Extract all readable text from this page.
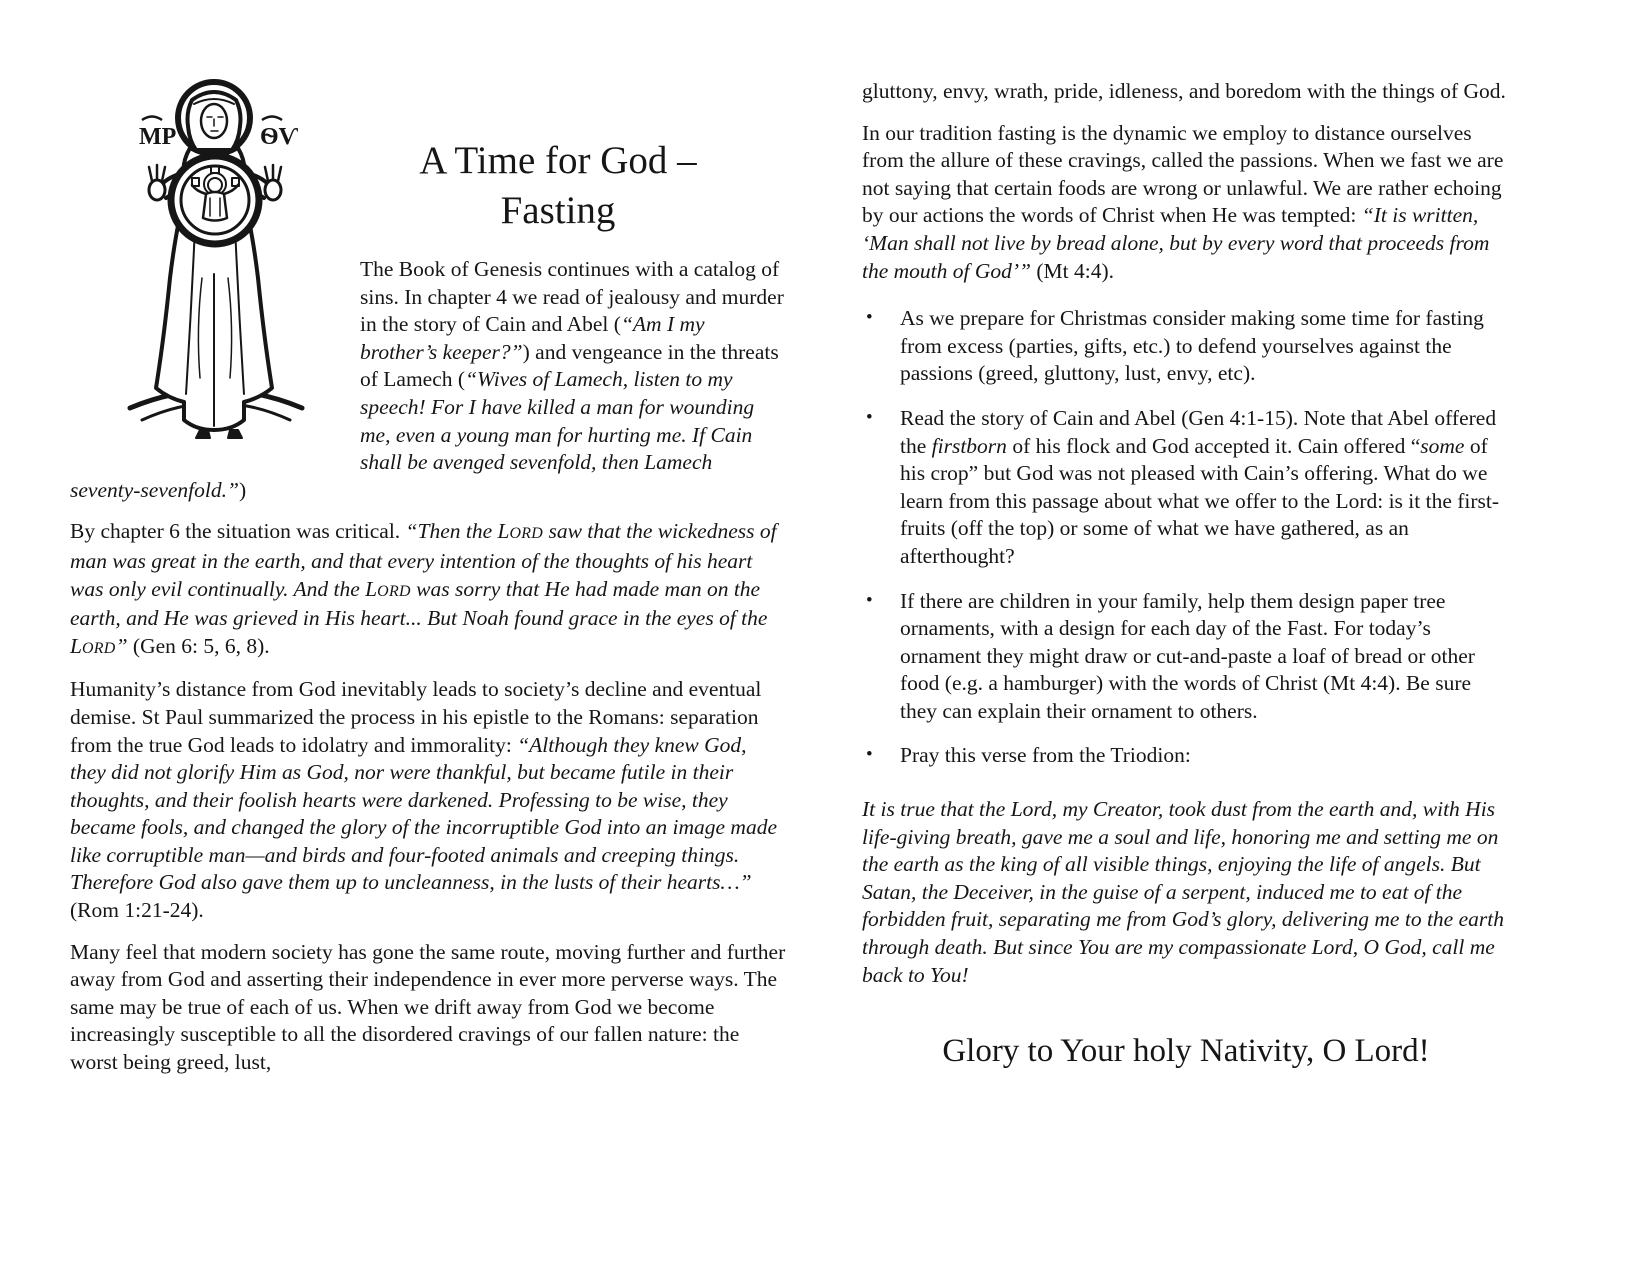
МР	ѲѴ
A Time for God –
Fasting

The Book of Genesis continues with a catalog of sins. In chapter 4 we read of jealousy and murder in the story of Cain and Abel (“Am I my brother’s keeper?”) and vengeance in the threats of Lamech (“Wives of Lamech, listen to my speech! For I have killed a man for wounding me, even a young man for hurting me. If Cain shall be avenged sevenfold, then Lamech seventy-sevenfold.”)

By chapter 6 the situation was critical. “Then the LORD saw that the wickedness of man was great in the earth, and that every intention of the thoughts of his heart was only evil continually. And the LORD was sorry that He had made man on the earth, and He was grieved in His heart... But Noah found grace in the eyes of the LORD” (Gen 6: 5, 6, 8).

Humanity’s distance from God inevitably leads to society’s decline and eventual demise. St Paul summarized the process in his epistle to the Romans: separation from the true God leads to idolatry and immorality: “Although they knew God, they did not glorify Him as God, nor were thankful, but became futile in their thoughts, and their foolish hearts were darkened. Professing to be wise, they became fools, and changed the glory of the incorruptible God into an image made like corruptible man—and birds and four-footed animals and creeping things. Therefore God also gave them up to uncleanness, in the lusts of their hearts…” (Rom 1:21-24).

Many feel that modern society has gone the same route, moving further and further away from God and asserting their independence in ever more perverse ways. The same may be true of each of us. When we drift away from God we become increasingly susceptible to all the disordered cravings of our fallen nature: the worst being greed, lust,

gluttony, envy, wrath, pride, idleness, and boredom with the things of God.

In our tradition fasting is the dynamic we employ to distance ourselves from the allure of these cravings, called the passions. When we fast we are not saying that certain foods are wrong or unlawful. We are rather echoing by our actions the words of Christ when He was tempted: “It is written, ‘Man shall not live by bread alone, but by every word that proceeds from the mouth of God’” (Mt 4:4).

• As we prepare for Christmas consider making some time for fasting from excess (parties, gifts, etc.) to defend yourselves against the passions (greed, gluttony, lust, envy, etc).
• Read the story of Cain and Abel (Gen 4:1-15). Note that Abel offered the firstborn of his flock and God accepted it. Cain offered “some of his crop” but God was not pleased with Cain’s offering. What do we learn from this passage about what we offer to the Lord: is it the first-fruits (off the top) or some of what we have gathered, as an afterthought?
• If there are children in your family, help them design paper tree ornaments, with a design for each day of the Fast. For today’s ornament they might draw or cut-and-paste a loaf of bread or other food (e.g. a hamburger) with the words of Christ (Mt 4:4). Be sure they can explain their ornament to others.
• Pray this verse from the Triodion:

It is true that the Lord, my Creator, took dust from the earth and, with His life-giving breath, gave me a soul and life, honoring me and setting me on the earth as the king of all visible things, enjoying the life of angels. But Satan, the Deceiver, in the guise of a serpent, induced me to eat of the forbidden fruit, separating me from God’s glory, delivering me to the earth through death. But since You are my compassionate Lord, O God, call me back to You!

Glory to Your holy Nativity, O Lord!
